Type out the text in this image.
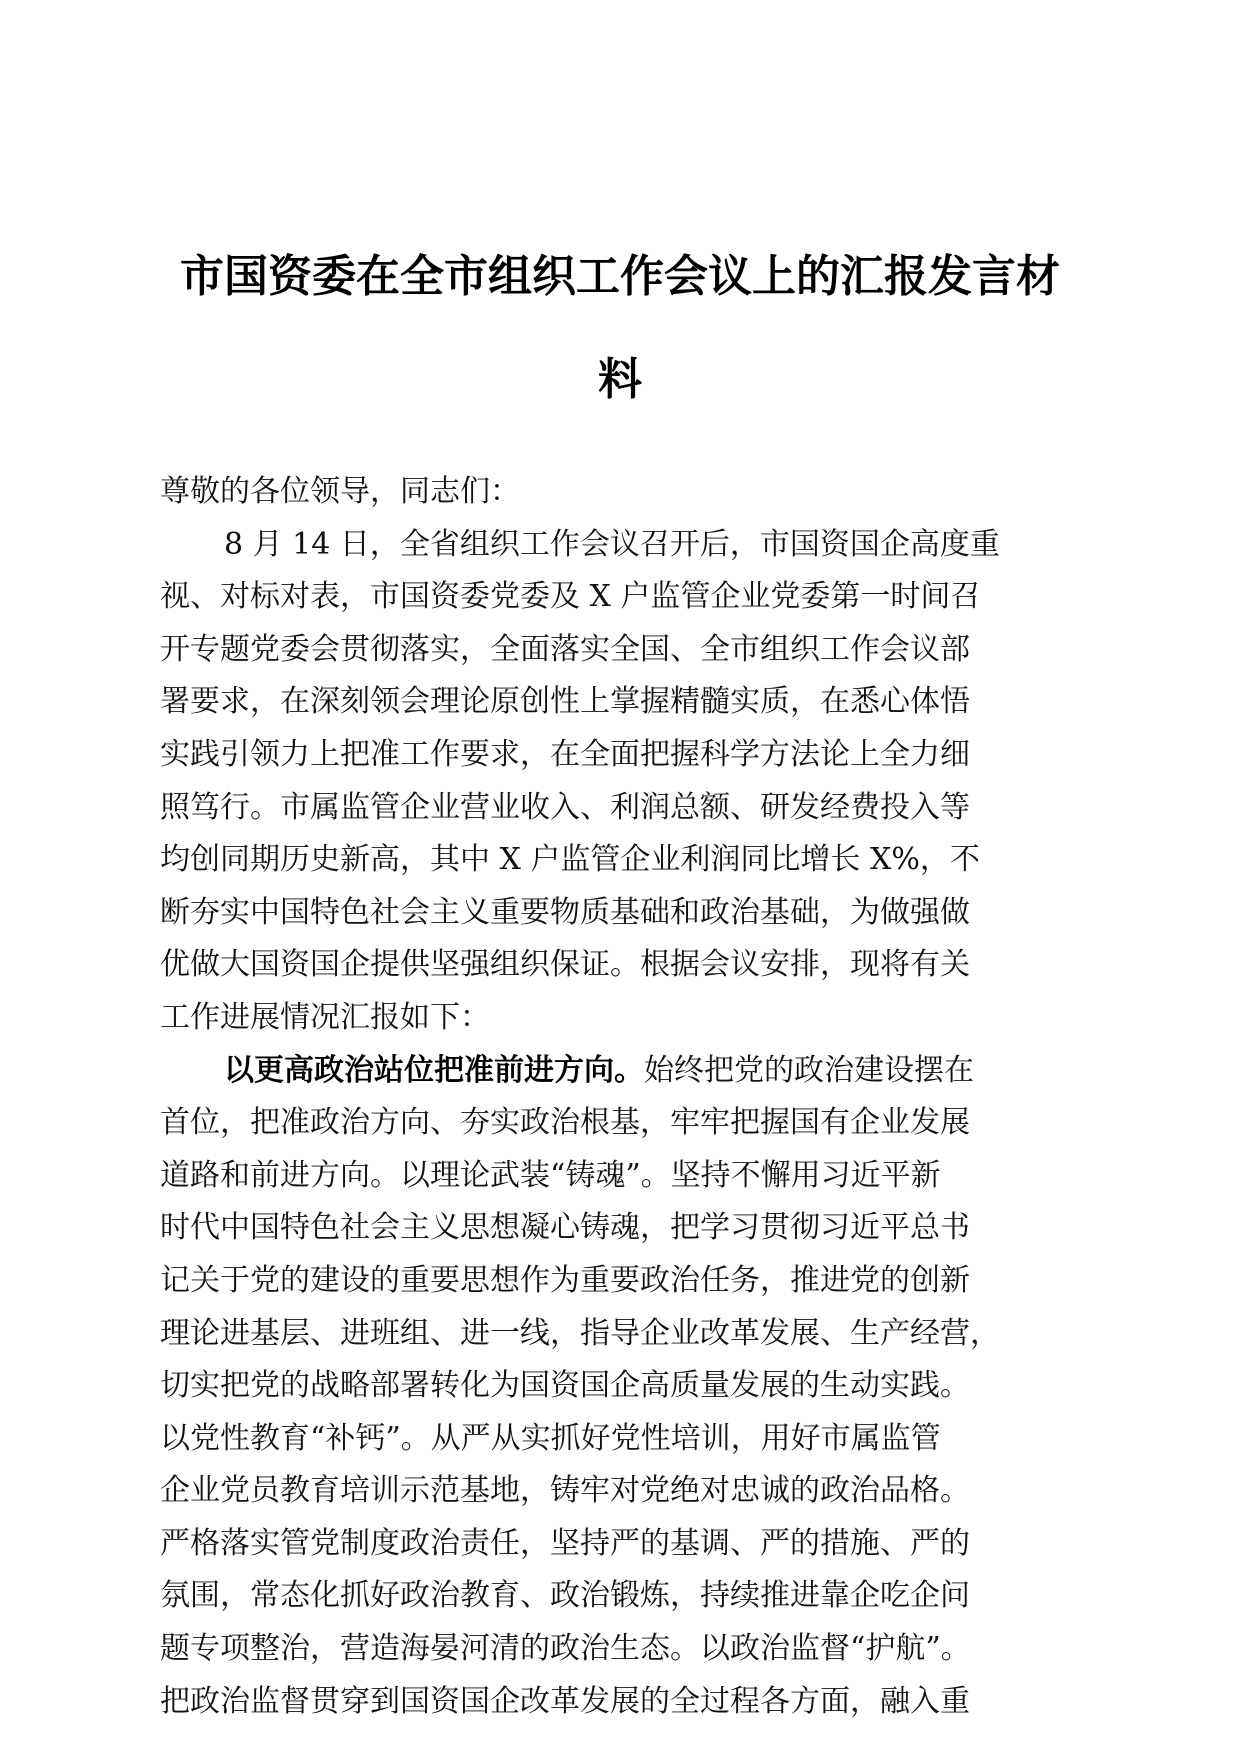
市国资委在全市组织工作会议上的汇报发言材
料
尊敬的各位领导，同志们：
8 月 14 日，全省组织工作会议召开后，市国资国企高度重
视、对标对表，市国资委党委及 X 户监管企业党委第一时间召
开专题党委会贯彻落实，全面落实全国、全市组织工作会议部
署要求，在深刻领会理论原创性上掌握精髓实质，在悉心体悟
实践引领力上把准工作要求，在全面把握科学方法论上全力细
照笃行。市属监管企业营业收入、利润总额、研发经费投入等
均创同期历史新高，其中 X 户监管企业利润同比增长 X%，不
断夯实中国特色社会主义重要物质基础和政治基础，为做强做
优做大国资国企提供坚强组织保证。根据会议安排，现将有关
工作进展情况汇报如下：
以更高政治站位把准前进方向。始终把党的政治建设摆在
首位，把准政治方向、夯实政治根基，牢牢把握国有企业发展
道路和前进方向。以理论武装“铸魂”。坚持不懈用习近平新
时代中国特色社会主义思想凝心铸魂，把学习贯彻习近平总书
记关于党的建设的重要思想作为重要政治任务，推进党的创新
理论进基层、进班组、进一线，指导企业改革发展、生产经营，
切实把党的战略部署转化为国资国企高质量发展的生动实践。
以党性教育“补钙”。从严从实抓好党性培训，用好市属监管
企业党员教育培训示范基地，铸牢对党绝对忠诚的政治品格。
严格落实管党制度政治责任，坚持严的基调、严的措施、严的
氛围，常态化抓好政治教育、政治锻炼，持续推进靠企吃企问
题专项整治，营造海晏河清的政治生态。以政治监督“护航”。
把政治监督贯穿到国资国企改革发展的全过程各方面，融入重
